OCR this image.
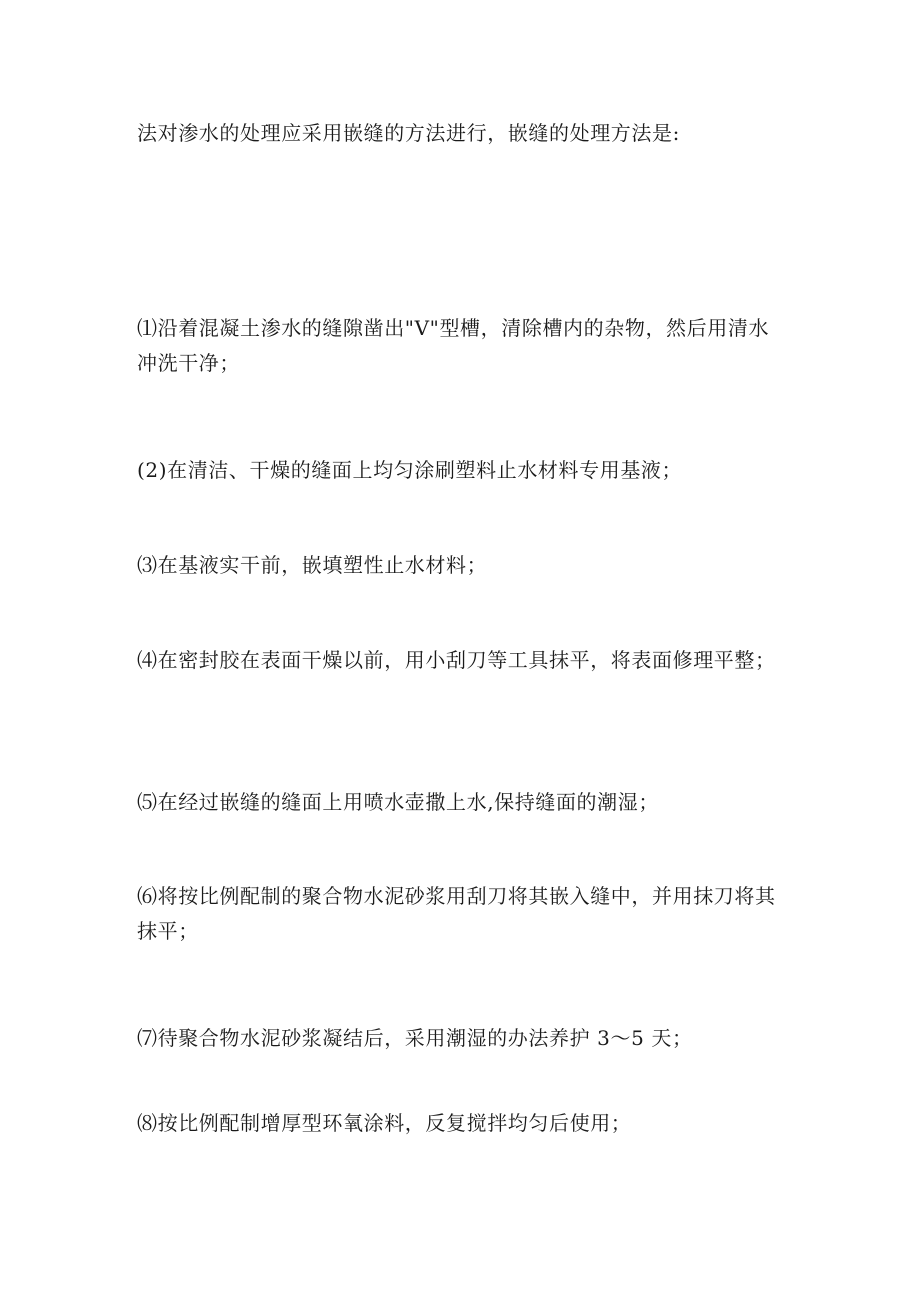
法对渗水的处理应采用嵌缝的方法进行，嵌缝的处理方法是:

⑴沿着混凝土渗水的缝隙凿出"V"型槽，清除槽内的杂物，然后用清水冲洗干净；

(2)在清洁、干燥的缝面上均匀涂刷塑料止水材料专用基液；

⑶在基液实干前，嵌填塑性止水材料；

⑷在密封胶在表面干燥以前，用小刮刀等工具抹平，将表面修理平整；

⑸在经过嵌缝的缝面上用喷水壶撒上水,保持缝面的潮湿；

⑹将按比例配制的聚合物水泥砂浆用刮刀将其嵌入缝中，并用抹刀将其抹平；

⑺待聚合物水泥砂浆凝结后，采用潮湿的办法养护 3～5 天；

⑻按比例配制增厚型环氧涂料，反复搅拌均匀后使用；
